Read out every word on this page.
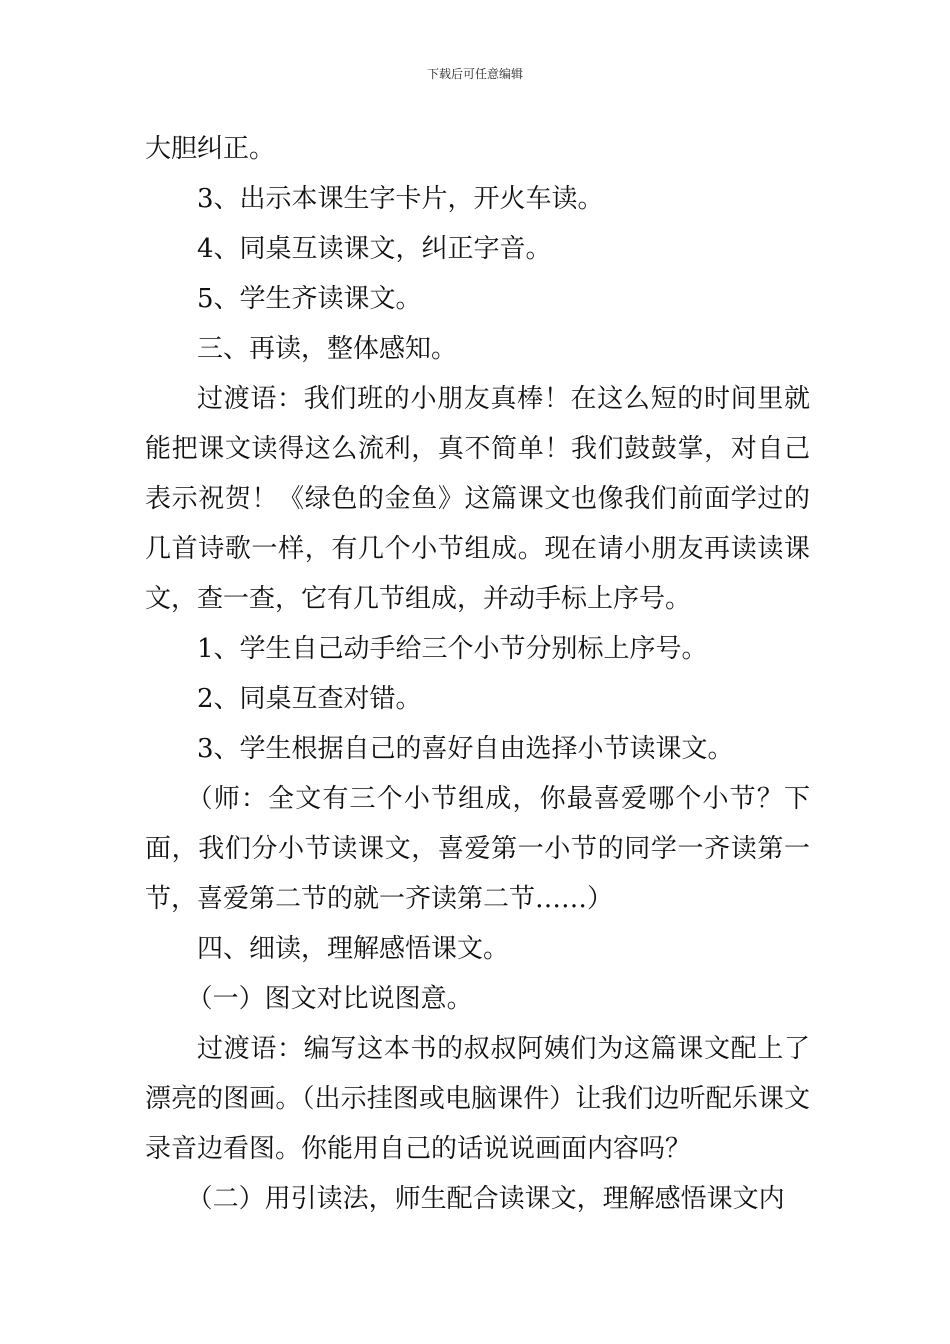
下载后可任意编辑

大胆纠正。

3、出示本课生字卡片，开火车读。

4、同桌互读课文，纠正字音。

5、学生齐读课文。

三、再读，整体感知。

过渡语：我们班的小朋友真棒！在这么短的时间里就能把课文读得这么流利，真不简单！我们鼓鼓掌，对自己表示祝贺！《绿色的金鱼》这篇课文也像我们前面学过的几首诗歌一样，有几个小节组成。现在请小朋友再读读课文，查一查，它有几节组成，并动手标上序号。

1、学生自己动手给三个小节分别标上序号。

2、同桌互查对错。

3、学生根据自己的喜好自由选择小节读课文。

（师：全文有三个小节组成，你最喜爱哪个小节？下面，我们分小节读课文，喜爱第一小节的同学一齐读第一节，喜爱第二节的就一齐读第二节……）

四、细读，理解感悟课文。

（一）图文对比说图意。

过渡语：编写这本书的叔叔阿姨们为这篇课文配上了漂亮的图画。（出示挂图或电脑课件）让我们边听配乐课文录音边看图。你能用自己的话说说画面内容吗？

（二）用引读法，师生配合读课文，理解感悟课文内
